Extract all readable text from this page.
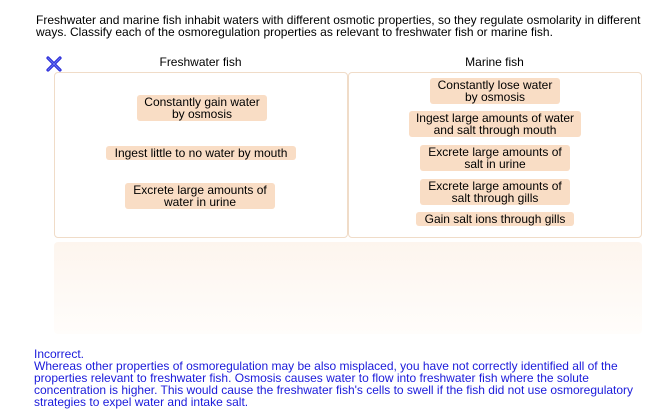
Freshwater and marine fish inhabit waters with different osmotic properties, so they regulate osmolarity in different ways. Classify each of the osmoregulation properties as relevant to freshwater fish or marine fish.

Freshwater fish	Marine fish
Constantly gain water
by osmosis
Ingest little to no water by mouth
Excrete large amounts of
water in urine
Constantly lose water
by osmosis
Ingest large amounts of water
and salt through mouth
Excrete large amounts of
salt in urine
Excrete large amounts of
salt through gills
Gain salt ions through gills

Incorrect.

Whereas other properties of osmoregulation may be also misplaced, you have not correctly identified all of the properties relevant to freshwater fish. Osmosis causes water to flow into freshwater fish where the solute concentration is higher. This would cause the freshwater fish's cells to swell if the fish did not use osmoregulatory strategies to expel water and intake salt.
